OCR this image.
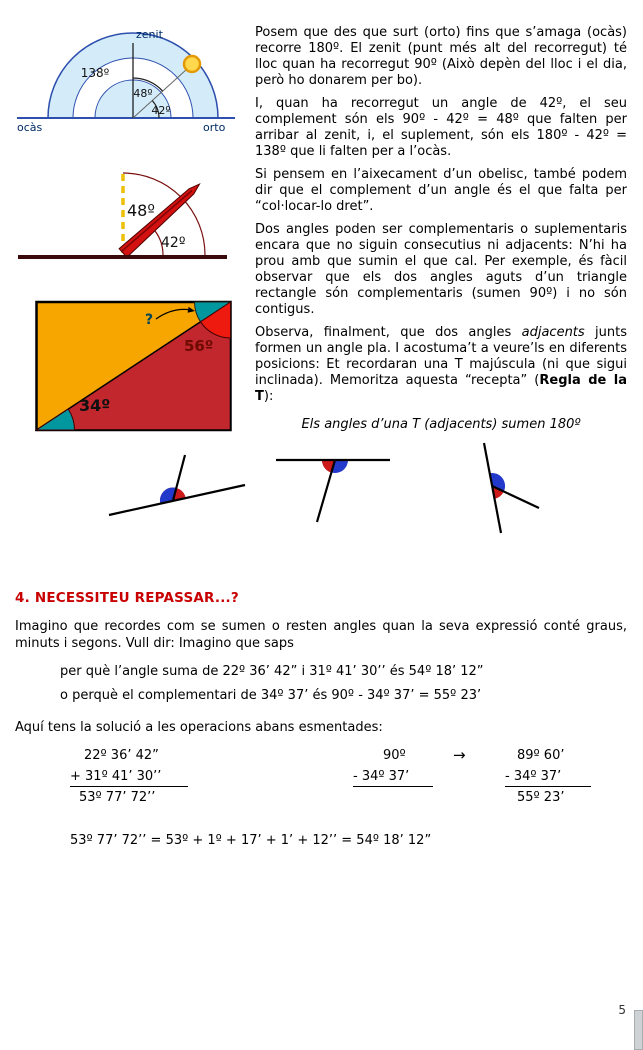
zenit
ocàs	orto
138º
48º
42º
48º
42º
?
56º
34º

Posem que des que surt (orto) fins que s’amaga (ocàs) recorre 180º. El zenit (punt més alt del recorregut) té lloc quan ha recorregut 90º (Això depèn del lloc i el dia, però ho donarem per bo).

I, quan ha recorregut un angle de 42º, el seu complement són els 90º - 42º = 48º que falten per arribar al zenit, i, el suplement, són els 180º - 42º = 138º que li falten per a l’ocàs.

Si pensem en l’aixecament d’un obelisc, també podem dir que el complement d’un angle és el que falta per “col·locar-lo dret”.

Dos angles poden ser complementaris o suplementaris encara que no siguin consecutius ni adjacents: N’hi ha prou amb que sumin el que cal. Per exemple, és fàcil observar que els dos angles aguts d’un triangle rectangle són complementaris (sumen 90º) i no són contigus.

Observa, finalment, que dos angles adjacents junts formen un angle pla. I acostuma’t a veure’ls en diferents posicions: Et recordaran una T majúscula (ni que sigui inclinada). Memoritza aquesta “recepta” (Regla de la T):

Els angles d’una T (adjacents) sumen 180º
4. NECESSITEU REPASSAR...?
Imagino que recordes com se sumen o resten angles quan la seva expressió conté graus, minuts i segons. Vull dir: Imagino que saps
per què l’angle suma de 22º 36’ 42” i 31º 41’ 30’’ és 54º 18’ 12”
o perquè el complementari de 34º 37’ és 90º - 34º 37’ = 55º 23’
Aquí tens la solució a les operacions abans esmentades:
22º 36’ 42”
+ 31º 41’ 30’’
53º 77’ 72’’
90º
- 34º 37’
→	89º 60’
- 34º 37’
55º 23’
53º 77’ 72’’ = 53º + 1º + 17’ + 1’ + 12’’ = 54º 18’ 12”
5
